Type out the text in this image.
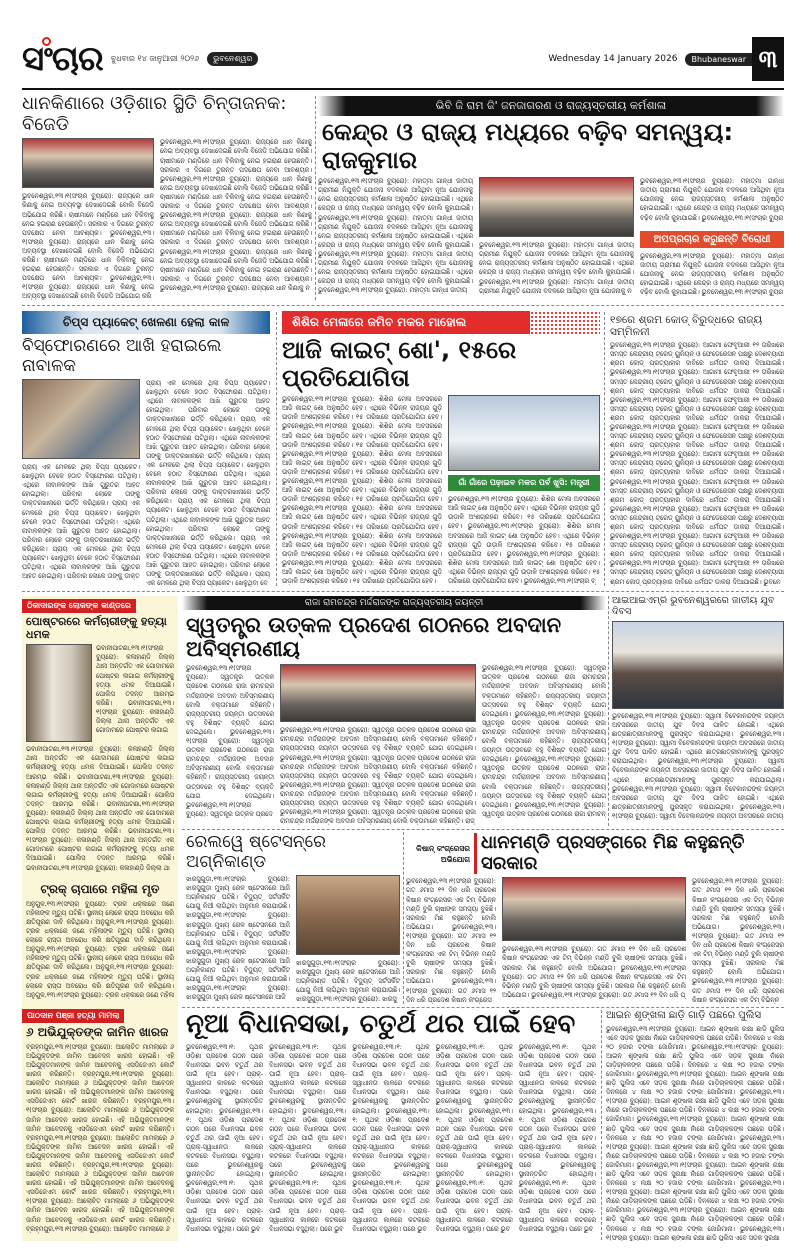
ସଂଚାର ବୁଧବାର ୧୪ ଜାନୁଆରୀ ୨୦୨୬	ଭୁବନେଶ୍ୱର	Wednesday 14 January 2026	Bhubaneswar ୩
ଧାନକିଣାରେ ଓଡ଼ିଶାର ସ୍ଥିତି ଚିନ୍ତାଜନକ: ବିଜେଡି
ଭୁବନେଶ୍ୱର,୧୩।୧(ସଂଚାର ବ୍ୟୁରୋ): ରାଜ୍ୟରେ ଧାନ କିଣାକୁ ନେଇ ଅବ୍ୟବସ୍ଥା ଦେଖାଦେଇଛି ବୋଲି ବିଜେଡି ଅଭିଯୋଗ କରିଛି। ଚାଷୀମାନେ ମଣ୍ଡିରେ ଧାନ ବିକିବାକୁ ନେଇ ହଇରାଣ ହେଉଛନ୍ତି। ସରକାର ଏ ଦିଗରେ ତୁରନ୍ତ ପଦକ୍ଷେପ ନେବା ଆବଶ୍ୟକ। ଭୁବନେଶ୍ୱର,୧୩।୧(ସଂଚାର ବ୍ୟୁରୋ): ରାଜ୍ୟରେ ଧାନ କିଣାକୁ ନେଇ ଅବ୍ୟବସ୍ଥା ଦେଖାଦେଇଛି ବୋଲି ବିଜେଡି ଅଭିଯୋଗ କରିଛି। ଚାଷୀମାନେ ମଣ୍ଡିରେ ଧାନ ବିକିବାକୁ ନେଇ ହଇରାଣ ହେଉଛନ୍ତି। ସରକାର ଏ ଦିଗରେ ତୁରନ୍ତ ପଦକ୍ଷେପ ନେବା ଆବଶ୍ୟକ। ଭୁବନେଶ୍ୱର,୧୩।୧(ସଂଚାର ବ୍ୟୁରୋ): ରାଜ୍ୟରେ ଧାନ କିଣାକୁ ନେଇ ଅବ୍ୟବସ୍ଥା ଦେଖାଦେଇଛି ବୋଲି ବିଜେଡି ଅଭିଯୋଗ କରି
ଭୁବନେଶ୍ୱର,୧୩।୧(ସଂଚାର ବ୍ୟୁରୋ): ରାଜ୍ୟରେ ଧାନ କିଣାକୁ ନେଇ ଅବ୍ୟବସ୍ଥା ଦେଖାଦେଇଛି ବୋଲି ବିଜେଡି ଅଭିଯୋଗ କରିଛି। ଚାଷୀମାନେ ମଣ୍ଡିରେ ଧାନ ବିକିବାକୁ ନେଇ ହଇରାଣ ହେଉଛନ୍ତି। ସରକାର ଏ ଦିଗରେ ତୁରନ୍ତ ପଦକ୍ଷେପ ନେବା ଆବଶ୍ୟକ। ଭୁବନେଶ୍ୱର,୧୩।୧(ସଂଚାର ବ୍ୟୁରୋ): ରାଜ୍ୟରେ ଧାନ କିଣାକୁ ନେଇ ଅବ୍ୟବସ୍ଥା ଦେଖାଦେଇଛି ବୋଲି ବିଜେଡି ଅଭିଯୋଗ କରିଛି। ଚାଷୀମାନେ ମଣ୍ଡିରେ ଧାନ ବିକିବାକୁ ନେଇ ହଇରାଣ ହେଉଛନ୍ତି। ସରକାର ଏ ଦିଗରେ ତୁରନ୍ତ ପଦକ୍ଷେପ ନେବା ଆବଶ୍ୟକ। ଭୁବନେଶ୍ୱର,୧୩।୧(ସଂଚାର ବ୍ୟୁରୋ): ରାଜ୍ୟରେ ଧାନ କିଣାକୁ ନେଇ ଅବ୍ୟବସ୍ଥା ଦେଖାଦେଇଛି ବୋଲି ବିଜେଡି ଅଭିଯୋଗ କରିଛି। ଚାଷୀମାନେ ମଣ୍ଡିରେ ଧାନ ବିକିବାକୁ ନେଇ ହଇରାଣ ହେଉଛନ୍ତି। ସରକାର ଏ ଦିଗରେ ତୁରନ୍ତ ପଦକ୍ଷେପ ନେବା ଆବଶ୍ୟକ। ଭୁବନେଶ୍ୱର,୧୩।୧(ସଂଚାର ବ୍ୟୁରୋ): ରାଜ୍ୟରେ ଧାନ କିଣାକୁ ନେଇ ଅବ୍ୟବସ୍ଥା ଦେଖାଦେଇଛି ବୋଲି ବିଜେଡି ଅଭିଯୋଗ କରିଛି। ଚାଷୀମାନେ ମଣ୍ଡିରେ ଧାନ ବିକିବାକୁ ନେଇ ହଇରାଣ ହେଉଛନ୍ତି। ସରକାର ଏ ଦିଗରେ ତୁରନ୍ତ ପଦକ୍ଷେପ ନେବା ଆବଶ୍ୟକ। ଭୁବନେଶ୍ୱର,୧୩।୧(ସଂଚାର ବ୍ୟୁରୋ): ରାଜ୍ୟରେ ଧାନ କିଣାକୁ ନ
ଭିବି ଜି ରାମ ଜି' ଜନଜାଗରଣ ଓ ରାଜ୍ୟସ୍ତରୀୟ କର୍ମଶାଳା
କେନ୍ଦ୍ର ଓ ରାଜ୍ୟ ମଧ୍ୟରେ ବଢ଼ିବ ସମନ୍ୱୟ: ରାଜକୁମାର
ଭୁବନେଶ୍ୱର,୧୩।୧(ସଂଚାର ବ୍ୟୁରୋ): ମହାତ୍ମା ଗାନ୍ଧୀ ଜାତୀୟ ଗ୍ରାମୀଣ ନିଯୁକ୍ତି ଯୋଜନା ବଦଳରେ ଆସିଥିବା ନୂଆ ଯୋଜନାକୁ ନେଇ ରାଜ୍ୟସ୍ତରୀୟ କର୍ମଶାଳା ଅନୁଷ୍ଠିତ ହୋଇଯାଇଛି। ଏଥିରେ କେନ୍ଦ୍ର ଓ ରାଜ୍ୟ ମଧ୍ୟରେ ସମନ୍ୱୟ ବଢ଼ିବ ବୋଲି କୁହାଯାଇଛି। ଭୁବନେଶ୍ୱର,୧୩।୧(ସଂଚାର ବ୍ୟୁରୋ): ମହାତ୍ମା ଗାନ୍ଧୀ ଜାତୀୟ ଗ୍ରାମୀଣ ନିଯୁକ୍ତି ଯୋଜନା ବଦଳରେ ଆସିଥିବା ନୂଆ ଯୋଜନାକୁ ନେଇ ରାଜ୍ୟସ୍ତରୀୟ କର୍ମଶାଳା ଅନୁଷ୍ଠିତ ହୋଇଯାଇଛି। ଏଥିରେ କେନ୍ଦ୍ର ଓ ରାଜ୍ୟ ମଧ୍ୟରେ ସମନ୍ୱୟ ବଢ଼ିବ ବୋଲି କୁହାଯାଇଛି। ଭୁବନେଶ୍ୱର,୧୩।୧(ସଂଚାର ବ୍ୟୁରୋ): ମହାତ୍ମା ଗାନ୍ଧୀ ଜାତୀୟ ଗ୍ରାମୀଣ ନିଯୁକ୍ତି ଯୋଜନା ବଦଳରେ ଆସିଥିବା ନୂଆ ଯୋଜନାକୁ ନେଇ ରାଜ୍ୟସ୍ତରୀୟ କର୍ମଶାଳା ଅନୁଷ୍ଠିତ ହୋଇଯାଇଛି। ଏଥିରେ କେନ୍ଦ୍ର ଓ ରାଜ୍ୟ ମଧ୍ୟରେ ସମନ୍ୱୟ ବଢ଼ିବ ବୋଲି କୁହାଯାଇଛି। ଭୁବନେଶ୍ୱର,୧୩।୧(ସଂଚାର ବ୍ୟୁରୋ): ମହାତ୍ମା ଗାନ୍ଧୀ ଜାତୀୟ
ଭୁବନେଶ୍ୱର,୧୩।୧(ସଂଚାର ବ୍ୟୁରୋ): ମହାତ୍ମା ଗାନ୍ଧୀ ଜାତୀୟ ଗ୍ରାମୀଣ ନିଯୁକ୍ତି ଯୋଜନା ବଦଳରେ ଆସିଥିବା ନୂଆ ଯୋଜନାକୁ ନେଇ ରାଜ୍ୟସ୍ତରୀୟ କର୍ମଶାଳା ଅନୁଷ୍ଠିତ ହୋଇଯାଇଛି। ଏଥିରେ କେନ୍ଦ୍ର ଓ ରାଜ୍ୟ ମଧ୍ୟରେ ସମନ୍ୱୟ ବଢ଼ିବ ବୋଲି କୁହାଯାଇଛି। ଭୁବନେଶ୍ୱର,୧୩।୧(ସଂଚାର ବ୍ୟୁରୋ): ମହାତ୍ମା ଗାନ୍ଧୀ ଜାତୀୟ ଗ୍ରାମୀଣ ନିଯୁକ୍ତି ଯୋଜନା ବଦଳରେ ଆସିଥିବା ନୂଆ ଯୋଜନାକୁ ନ
ଭୁବନେଶ୍ୱର,୧୩।୧(ସଂଚାର ବ୍ୟୁରୋ): ମହାତ୍ମା ଗାନ୍ଧୀ ଜାତୀୟ ଗ୍ରାମୀଣ ନିଯୁକ୍ତି ଯୋଜନା ବଦଳରେ ଆସିଥିବା ନୂଆ ଯୋଜନାକୁ ନେଇ ରାଜ୍ୟସ୍ତରୀୟ କର୍ମଶାଳା ଅନୁଷ୍ଠିତ ହୋଇଯାଇଛି। ଏଥିରେ କେନ୍ଦ୍ର ଓ ରାଜ୍ୟ ମଧ୍ୟରେ ସମନ୍ୱୟ ବଢ଼ିବ ବୋଲି କୁହାଯାଇଛି। ଭୁବନେଶ୍ୱର,୧୩।୧(ସଂଚାର ବ୍ୟୁର
ଅପପ୍ରଚାର କରୁଛନ୍ତି ବିରୋଧୀ
ଭୁବନେଶ୍ୱର,୧୩।୧(ସଂଚାର ବ୍ୟୁରୋ): ମହାତ୍ମା ଗାନ୍ଧୀ ଜାତୀୟ ଗ୍ରାମୀଣ ନିଯୁକ୍ତି ଯୋଜନା ବଦଳରେ ଆସିଥିବା ନୂଆ ଯୋଜନାକୁ ନେଇ ରାଜ୍ୟସ୍ତରୀୟ କର୍ମଶାଳା ଅନୁଷ୍ଠିତ ହୋଇଯାଇଛି। ଏଥିରେ କେନ୍ଦ୍ର ଓ ରାଜ୍ୟ ମଧ୍ୟରେ ସମନ୍ୱୟ ବଢ଼ିବ ବୋଲି କୁହାଯାଇଛି। ଭୁବନେଶ୍ୱର,୧୩।୧(ସଂଚାର ବ୍ୟୁର
ଚିପ୍ସ ପ୍ୟାକେଟ୍ ଖେଳଣା ହେଲା କାଳ
ବିସ୍ଫୋରଣରେ ଆଖି ହରାଇଲେ ନାବାଳକ
ପ୍ରାୟ ଏକ ମେଳରେ ଥିଲା ଚିପ୍ସ ପ୍ୟାକେଟ। ଖେଳୁଥିବା ବେଳେ ହଠାତ ବିସ୍ଫୋରଣ ଘଟିଥିଲା। ଏଥିରେ ନାବାଳକଙ୍କ ଆଖି ଗୁରୁତର ଆହତ ହୋଇଥିଲା। ପରିବାର ଲୋକେ ତାଙ୍କୁ ଡାକ୍ତରଖାନାରେ ଭର୍ତ୍ତି କରିଥିଲେ। ପ୍ରାୟ ଏକ ମେଳରେ ଥିଲା ଚିପ୍ସ ପ୍ୟାକେଟ। ଖେଳୁଥିବା ବେଳେ ହଠାତ ବିସ୍ଫୋରଣ ଘଟିଥିଲା। ଏଥିରେ ନାବାଳକଙ୍କ ଆଖି ଗୁରୁତର ଆହତ ହୋଇଥିଲା। ପରିବାର ଲୋକେ ତାଙ୍କୁ ଡାକ୍ତରଖାନାରେ ଭର୍ତ୍ତି କରିଥିଲେ। ପ୍ରାୟ ଏକ ମେଳରେ ଥିଲା ଚିପ୍ସ ପ୍ୟାକେଟ। ଖେଳୁଥିବା ବେଳେ ହଠାତ ବିସ୍ଫୋରଣ ଘଟିଥିଲା। ଏଥିରେ ନାବାଳକଙ୍କ ଆଖି ଗୁରୁତର ଆହତ ହୋଇଥିଲା। ପରିବାର ଲୋକେ ତାଙ୍କୁ ଡାକ୍ତ
ପ୍ରାୟ ଏକ ମେଳରେ ଥିଲା ଚିପ୍ସ ପ୍ୟାକେଟ। ଖେଳୁଥିବା ବେଳେ ହଠାତ ବିସ୍ଫୋରଣ ଘଟିଥିଲା। ଏଥିରେ ନାବାଳକଙ୍କ ଆଖି ଗୁରୁତର ଆହତ ହୋଇଥିଲା। ପରିବାର ଲୋକେ ତାଙ୍କୁ ଡାକ୍ତରଖାନାରେ ଭର୍ତ୍ତି କରିଥିଲେ। ପ୍ରାୟ ଏକ ମେଳରେ ଥିଲା ଚିପ୍ସ ପ୍ୟାକେଟ। ଖେଳୁଥିବା ବେଳେ ହଠାତ ବିସ୍ଫୋରଣ ଘଟିଥିଲା। ଏଥିରେ ନାବାଳକଙ୍କ ଆଖି ଗୁରୁତର ଆହତ ହୋଇଥିଲା। ପରିବାର ଲୋକେ ତାଙ୍କୁ ଡାକ୍ତରଖାନାରେ ଭର୍ତ୍ତି କରିଥିଲେ। ପ୍ରାୟ ଏକ ମେଳରେ ଥିଲା ଚିପ୍ସ ପ୍ୟାକେଟ। ଖେଳୁଥିବା ବେଳେ ହଠାତ ବିସ୍ଫୋରଣ ଘଟିଥିଲା। ଏଥିରେ ନାବାଳକଙ୍କ ଆଖି ଗୁରୁତର ଆହତ ହୋଇଥିଲା। ପରିବାର ଲୋକେ ତାଙ୍କୁ ଡାକ୍ତରଖାନାରେ ଭର୍ତ୍ତି କରିଥିଲେ। ପ୍ରାୟ ଏକ ମେଳରେ ଥିଲା ଚିପ୍ସ ପ୍ୟାକେଟ। ଖେଳୁଥିବା ବେଳେ ହଠାତ ବିସ୍ଫୋରଣ ଘଟିଥିଲା। ଏଥିରେ ନାବାଳକଙ୍କ ଆଖି ଗୁରୁତର ଆହତ ହୋଇଥିଲା। ପରିବାର ଲୋକେ ତାଙ୍କୁ ଡାକ୍ତରଖାନାରେ ଭର୍ତ୍ତି କରିଥିଲେ। ପ୍ରାୟ ଏକ ମେଳରେ ଥିଲା ଚିପ୍ସ ପ୍ୟାକେଟ। ଖେଳୁଥିବା ବେଳେ ହଠାତ ବିସ୍ଫୋରଣ ଘଟିଥିଲା। ଏଥିରେ ନାବାଳକଙ୍କ ଆଖି ଗୁରୁତର ଆହତ ହୋଇଥିଲା। ପରିବାର ଲୋକେ ତାଙ୍କୁ ଡାକ୍ତରଖାନାରେ ଭର୍ତ୍ତି କରିଥିଲେ। ପ୍ରାୟ ଏକ ମେଳରେ ଥିଲା ଚିପ୍ସ ପ୍ୟାକେଟ। ଖେଳୁଥିବା ବେ
ଶିଶିର ମେଳାରେ ଜମିବ ମକର ମାହୋଲ
ଆଜି କାଇଟ୍ ଶୋ', ୧୫ରେ ପ୍ରତିଯୋଗିତା
ଭୁବନେଶ୍ୱର,୧୩।୧(ସଂଚାର ବ୍ୟୁରୋ): ଶିଶିର ମେଳା ଅବସରରେ ଆଜି କାଇଟ୍ ଶୋ ଅନୁଷ୍ଠିତ ହେବ। ଏଥିରେ ବିଭିନ୍ନ ରାଜ୍ୟର ଗୁଡ଼ି ଉଡ଼ାଳି ଅଂଶଗ୍ରହଣ କରିବେ। ୧୫ ତାରିଖରେ ପ୍ରତିଯୋଗିତା ହେବ। ଭୁବନେଶ୍ୱର,୧୩।୧(ସଂଚାର ବ୍ୟୁରୋ): ଶିଶିର ମେଳା ଅବସରରେ ଆଜି କାଇଟ୍ ଶୋ ଅନୁଷ୍ଠିତ ହେବ। ଏଥିରେ ବିଭିନ୍ନ ରାଜ୍ୟର ଗୁଡ଼ି ଉଡ଼ାଳି ଅଂଶଗ୍ରହଣ କରିବେ। ୧୫ ତାରିଖରେ ପ୍ରତିଯୋଗିତା ହେବ। ଭୁବନେଶ୍ୱର,୧୩।୧(ସଂଚାର ବ୍ୟୁରୋ): ଶିଶିର ମେଳା ଅବସରରେ ଆଜି କାଇଟ୍ ଶୋ ଅନୁଷ୍ଠିତ ହେବ। ଏଥିରେ ବିଭିନ୍ନ ରାଜ୍ୟର ଗୁଡ଼ି ଉଡ଼ାଳି ଅଂଶଗ୍ରହଣ କରିବେ। ୧୫ ତାରିଖରେ ପ୍ରତିଯୋଗିତା ହେବ। ଭୁବନେଶ୍ୱର,୧୩।୧(ସଂଚାର ବ୍ୟୁରୋ): ଶିଶିର ମେଳା ଅବସରରେ ଆଜି କାଇଟ୍ ଶୋ ଅନୁଷ୍ଠିତ ହେବ। ଏଥିରେ ବିଭିନ୍ନ ରାଜ୍ୟର ଗୁଡ଼ି ଉଡ଼ାଳି ଅଂଶଗ୍ରହଣ କରିବେ। ୧୫ ତାରିଖରେ ପ୍ରତିଯୋଗିତା ହେବ। ଭୁବନେଶ୍ୱର,୧୩।୧(ସଂଚାର ବ୍ୟୁରୋ): ଶିଶିର ମେଳା ଅବସରରେ ଆଜି କାଇଟ୍ ଶୋ ଅନୁଷ୍ଠିତ ହେବ। ଏଥିରେ ବିଭିନ୍ନ ରାଜ୍ୟର ଗୁଡ଼ି ଉଡ଼ାଳି ଅଂଶଗ୍ରହଣ କରିବେ। ୧୫ ତାରିଖରେ ପ୍ରତିଯୋଗିତା ହେବ। ଭୁବନେଶ୍ୱର,୧୩।୧(ସଂଚାର ବ୍ୟୁରୋ): ଶିଶିର ମେଳା ଅବସରରେ ଆଜି କାଇଟ୍ ଶୋ ଅନୁଷ୍ଠିତ ହେବ। ଏଥିରେ ବିଭିନ୍ନ ରାଜ୍ୟର ଗୁଡ଼ି ଉଡ଼ାଳି ଅଂଶଗ୍ରହଣ କରିବେ। ୧୫ ତାରିଖରେ ପ୍ରତିଯୋଗିତା ହେବ। ଭୁବନେଶ୍ୱର,୧୩।୧(ସଂଚାର ବ୍ୟୁରୋ): ଶିଶିର ମେଳା ଅବସରରେ ଆଜି କାଇଟ୍ ଶୋ ଅନୁଷ୍ଠିତ ହେବ। ଏଥିରେ ବିଭିନ୍ନ ରାଜ୍ୟର ଗୁଡ଼ି ଉଡ଼ାଳି ଅଂଶଗ୍ରହଣ କରିବେ। ୧୫ ତାରିଖରେ ପ୍ରତିଯୋଗିତା ହେବ।
ଗାଁ ଗାଁରେ ପଢ଼ାଇବ ମକର ପର୍ବ ଖୁସି: ମନ୍ତ୍ରୀ
ଭୁବନେଶ୍ୱର,୧୩।୧(ସଂଚାର ବ୍ୟୁରୋ): ଶିଶିର ମେଳା ଅବସରରେ ଆଜି କାଇଟ୍ ଶୋ ଅନୁଷ୍ଠିତ ହେବ। ଏଥିରେ ବିଭିନ୍ନ ରାଜ୍ୟର ଗୁଡ଼ି ଉଡ଼ାଳି ଅଂଶଗ୍ରହଣ କରିବେ। ୧୫ ତାରିଖରେ ପ୍ରତିଯୋଗିତା ହେବ। ଭୁବନେଶ୍ୱର,୧୩।୧(ସଂଚାର ବ୍ୟୁରୋ): ଶିଶିର ମେଳା ଅବସରରେ ଆଜି କାଇଟ୍ ଶୋ ଅନୁଷ୍ଠିତ ହେବ। ଏଥିରେ ବିଭିନ୍ନ ରାଜ୍ୟର ଗୁଡ଼ି ଉଡ଼ାଳି ଅଂଶଗ୍ରହଣ କରିବେ। ୧୫ ତାରିଖରେ ପ୍ରତିଯୋଗିତା ହେବ। ଭୁବନେଶ୍ୱର,୧୩।୧(ସଂଚାର ବ୍ୟୁରୋ): ଶିଶିର ମେଳା ଅବସରରେ ଆଜି କାଇଟ୍ ଶୋ ଅନୁଷ୍ଠିତ ହେବ। ଏଥିରେ ବିଭିନ୍ନ ରାଜ୍ୟର ଗୁଡ଼ି ଉଡ଼ାଳି ଅଂଶଗ୍ରହଣ କରିବେ। ୧୫ ତାରିଖରେ ପ୍ରତିଯୋଗିତା ହେବ। ଭୁବନେଶ୍ୱର,୧୩।୧(ସଂଚାର ବ୍
୧୭ରେ ଶ୍ରମ କୋଡ୍ ବିରୁଦ୍ଧରେ ରାଜ୍ୟ ସମ୍ମିଳନୀ
ଭୁବନେଶ୍ୱର,୧୩।୧(ସଂଚାର ବ୍ୟୁରୋ): ଆଗାମୀ ଫେବୃଆରୀ ୧୨ ତାରିଖରେ ସମସ୍ତ କେନ୍ଦ୍ରୀୟ ଟ୍ରେଡ୍ ୟୁନିୟନ ଓ ଫେଡେରେସନ ପକ୍ଷରୁ ଦେଶବ୍ୟାପୀ ଶ୍ରମ କୋଡ୍ ପ୍ରତ୍ୟାହାର ଦାବିରେ ଧର୍ମଘଟ ଡାକରା ଦିଆଯାଇଛି। ଭୁବନେଶ୍ୱର,୧୩।୧(ସଂଚାର ବ୍ୟୁରୋ): ଆଗାମୀ ଫେବୃଆରୀ ୧୨ ତାରିଖରେ ସମସ୍ତ କେନ୍ଦ୍ରୀୟ ଟ୍ରେଡ୍ ୟୁନିୟନ ଓ ଫେଡେରେସନ ପକ୍ଷରୁ ଦେଶବ୍ୟାପୀ ଶ୍ରମ କୋଡ୍ ପ୍ରତ୍ୟାହାର ଦାବିରେ ଧର୍ମଘଟ ଡାକରା ଦିଆଯାଇଛି। ଭୁବନେଶ୍ୱର,୧୩।୧(ସଂଚାର ବ୍ୟୁରୋ): ଆଗାମୀ ଫେବୃଆରୀ ୧୨ ତାରିଖରେ ସମସ୍ତ କେନ୍ଦ୍ରୀୟ ଟ୍ରେଡ୍ ୟୁନିୟନ ଓ ଫେଡେରେସନ ପକ୍ଷରୁ ଦେଶବ୍ୟାପୀ ଶ୍ରମ କୋଡ୍ ପ୍ରତ୍ୟାହାର ଦାବିରେ ଧର୍ମଘଟ ଡାକରା ଦିଆଯାଇଛି। ଭୁବନେଶ୍ୱର,୧୩।୧(ସଂଚାର ବ୍ୟୁରୋ): ଆଗାମୀ ଫେବୃଆରୀ ୧୨ ତାରିଖରେ ସମସ୍ତ କେନ୍ଦ୍ରୀୟ ଟ୍ରେଡ୍ ୟୁନିୟନ ଓ ଫେଡେରେସନ ପକ୍ଷରୁ ଦେଶବ୍ୟାପୀ ଶ୍ରମ କୋଡ୍ ପ୍ରତ୍ୟାହାର ଦାବିରେ ଧର୍ମଘଟ ଡାକରା ଦିଆଯାଇଛି। ଭୁବନେଶ୍ୱର,୧୩।୧(ସଂଚାର ବ୍ୟୁରୋ): ଆଗାମୀ ଫେବୃଆରୀ ୧୨ ତାରିଖରେ ସମସ୍ତ କେନ୍ଦ୍ରୀୟ ଟ୍ରେଡ୍ ୟୁନିୟନ ଓ ଫେଡେରେସନ ପକ୍ଷରୁ ଦେଶବ୍ୟାପୀ ଶ୍ରମ କୋଡ୍ ପ୍ରତ୍ୟାହାର ଦାବିରେ ଧର୍ମଘଟ ଡାକରା ଦିଆଯାଇଛି। ଭୁବନେଶ୍ୱର,୧୩।୧(ସଂଚାର ବ୍ୟୁରୋ): ଆଗାମୀ ଫେବୃଆରୀ ୧୨ ତାରିଖରେ ସମସ୍ତ କେନ୍ଦ୍ରୀୟ ଟ୍ରେଡ୍ ୟୁନିୟନ ଓ ଫେଡେରେସନ ପକ୍ଷରୁ ଦେଶବ୍ୟାପୀ ଶ୍ରମ କୋଡ୍ ପ୍ରତ୍ୟାହାର ଦାବିରେ ଧର୍ମଘଟ ଡାକରା ଦିଆଯାଇଛି। ଭୁବନେଶ୍ୱର,୧୩।୧(ସଂଚାର ବ୍ୟୁରୋ): ଆଗାମୀ ଫେବୃଆରୀ ୧୨ ତାରିଖରେ ସମସ୍ତ କେନ୍ଦ୍ରୀୟ ଟ୍ରେଡ୍ ୟୁନିୟନ ଓ ଫେଡେରେସନ ପକ୍ଷରୁ ଦେଶବ୍ୟାପୀ ଶ୍ରମ କୋଡ୍ ପ୍ରତ୍ୟାହାର ଦାବିରେ ଧର୍ମଘଟ ଡାକରା ଦିଆଯାଇଛି। ଭୁବନେଶ୍ୱର,୧୩।୧(ସଂଚାର ବ୍ୟୁରୋ): ଆଗାମୀ ଫେବୃଆରୀ ୧୨ ତାରିଖରେ ସମସ୍ତ କେନ୍ଦ୍ରୀୟ ଟ୍ରେଡ୍ ୟୁନିୟନ ଓ ଫେଡେରେସନ ପକ୍ଷରୁ ଦେଶବ୍ୟାପୀ ଶ୍ରମ କୋଡ୍ ପ୍ରତ୍ୟାହାର ଦାବିରେ ଧର୍ମଘଟ ଡାକରା ଦିଆଯାଇଛି। ଭୁବନେଶ୍ୱର,୧୩।୧(ସଂଚାର ବ୍ୟୁରୋ): ଆଗାମୀ ଫେବୃଆରୀ ୧୨ ତାରିଖରେ ସମସ୍ତ କେନ୍ଦ୍ରୀୟ ଟ୍ରେଡ୍ ୟୁନିୟନ ଓ ଫେଡେରେସନ ପକ୍ଷରୁ ଦେଶବ୍ୟାପୀ ଶ୍ରମ କୋଡ୍ ପ୍ରତ୍ୟାହାର ଦାବିରେ ଧର୍ମଘଟ ଡାକରା ଦିଆଯାଇଛି। ଭୁବନେ
ଠିକାଦାରଙ୍କ ଲୋକଙ୍କ କାଣ୍ଡରେ
ପୋଷ୍ଟରରେ କର୍ମଚାରୀଙ୍କୁ ହତ୍ୟା ଧମକ
ଭବାନୀପାଟଣା,୧୩।୧(ସଂଚାର ବ୍ୟୁରୋ): କଳାହାଣ୍ଡି ଜିଲ୍ଲା ଥାନା ଅନ୍ତର୍ଗତ ଏକ ଗୋଦାମରେ ପୋଷ୍ଟର ଲଗାଇ କର୍ମଚାରୀଙ୍କୁ ହତ୍ୟା ଧମକ ଦିଆଯାଇଛି। ପୋଲିସ ତଦନ୍ତ ଆରମ୍ଭ କରିଛି। ଭବାନୀପାଟଣା,୧୩।୧(ସଂଚାର ବ୍ୟୁରୋ): କଳାହାଣ୍ଡି ଜିଲ୍ଲା ଥାନା ଅନ୍ତର୍ଗତ ଏକ ଗୋଦାମରେ ପୋଷ୍ଟର ଲଗାଇ
ଭବାନୀପାଟଣା,୧୩।୧(ସଂଚାର ବ୍ୟୁରୋ): କଳାହାଣ୍ଡି ଜିଲ୍ଲା ଥାନା ଅନ୍ତର୍ଗତ ଏକ ଗୋଦାମରେ ପୋଷ୍ଟର ଲଗାଇ କର୍ମଚାରୀଙ୍କୁ ହତ୍ୟା ଧମକ ଦିଆଯାଇଛି। ପୋଲିସ ତଦନ୍ତ ଆରମ୍ଭ କରିଛି। ଭବାନୀପାଟଣା,୧୩।୧(ସଂଚାର ବ୍ୟୁରୋ): କଳାହାଣ୍ଡି ଜିଲ୍ଲା ଥାନା ଅନ୍ତର୍ଗତ ଏକ ଗୋଦାମରେ ପୋଷ୍ଟର ଲଗାଇ କର୍ମଚାରୀଙ୍କୁ ହତ୍ୟା ଧମକ ଦିଆଯାଇଛି। ପୋଲିସ ତଦନ୍ତ ଆରମ୍ଭ କରିଛି। ଭବାନୀପାଟଣା,୧୩।୧(ସଂଚାର ବ୍ୟୁରୋ): କଳାହାଣ୍ଡି ଜିଲ୍ଲା ଥାନା ଅନ୍ତର୍ଗତ ଏକ ଗୋଦାମରେ ପୋଷ୍ଟର ଲଗାଇ କର୍ମଚାରୀଙ୍କୁ ହତ୍ୟା ଧମକ ଦିଆଯାଇଛି। ପୋଲିସ ତଦନ୍ତ ଆରମ୍ଭ କରିଛି। ଭବାନୀପାଟଣା,୧୩।୧(ସଂଚାର ବ୍ୟୁରୋ): କଳାହାଣ୍ଡି ଜିଲ୍ଲା ଥାନା ଅନ୍ତର୍ଗତ ଏକ ଗୋଦାମରେ ପୋଷ୍ଟର ଲଗାଇ କର୍ମଚାରୀଙ୍କୁ ହତ୍ୟା ଧମକ ଦିଆଯାଇଛି। ପୋଲିସ ତଦନ୍ତ ଆରମ୍ଭ କରିଛି। ଭବାନୀପାଟଣା,୧୩।୧(ସଂଚାର ବ୍ୟୁରୋ): କଳାହାଣ୍ଡି ଜିଲ୍ଲା ଥା
ଟ୍ରକ୍ ଚାପାରେ ମହିଳା ମୃତ
ଅନୁଗୁଳ,୧୩।୧(ସଂଚାର ବ୍ୟୁରୋ): ଟ୍ରକ ଧକ୍କାରେ ଜଣେ ମହିଳାଙ୍କ ମୃତ୍ୟୁ ଘଟିଛି। ସ୍ଥାନୀୟ ଲୋକେ ରାସ୍ତା ଅବରୋଧ କରି କ୍ଷତିପୂରଣ ଦାବି କରିଥିଲେ। ଅନୁଗୁଳ,୧୩।୧(ସଂଚାର ବ୍ୟୁରୋ): ଟ୍ରକ ଧକ୍କାରେ ଜଣେ ମହିଳାଙ୍କ ମୃତ୍ୟୁ ଘଟିଛି। ସ୍ଥାନୀୟ ଲୋକେ ରାସ୍ତା ଅବରୋଧ କରି କ୍ଷତିପୂରଣ ଦାବି କରିଥିଲେ। ଅନୁଗୁଳ,୧୩।୧(ସଂଚାର ବ୍ୟୁରୋ): ଟ୍ରକ ଧକ୍କାରେ ଜଣେ ମହିଳାଙ୍କ ମୃତ୍ୟୁ ଘଟିଛି। ସ୍ଥାନୀୟ ଲୋକେ ରାସ୍ତା ଅବରୋଧ କରି କ୍ଷତିପୂରଣ ଦାବି କରିଥିଲେ। ଅନୁଗୁଳ,୧୩।୧(ସଂଚାର ବ୍ୟୁରୋ): ଟ୍ରକ ଧକ୍କାରେ ଜଣେ ମହିଳାଙ୍କ ମୃତ୍ୟୁ ଘଟିଛି। ସ୍ଥାନୀୟ ଲୋକେ ରାସ୍ତା ଅବରୋଧ କରି କ୍ଷତିପୂରଣ ଦାବି କରିଥିଲେ। ଅନୁଗୁଳ,୧୩।୧(ସଂଚାର ବ୍ୟୁରୋ): ଟ୍ରକ ଧକ୍କାରେ ଜଣେ ମହିଳା
ପାଠଦାନ ପଞ୍ଜା ହତ୍ୟା ମାମଲା
୬ ଅଭିଯୁକ୍ତଙ୍କ ଜାମିନ ଖାରଜ
ବ୍ରହ୍ମପୁର,୧୩।୧(ସଂଚାର ବ୍ୟୁରୋ): ଆଲୋଚିତ ମାମଲାରେ ୬ ଅଭିଯୁକ୍ତଙ୍କ ଜାମିନ ଆବେଦନ ଖାରଜ ହୋଇଛି। ଏହି ଅଭିଯୁକ୍ତମାନଙ୍କ ଜାମିନ ଆବେଦନକୁ ଏସଡିଜେଏମ କୋର୍ଟ ଖାରଜ କରିଛନ୍ତି। ବ୍ରହ୍ମପୁର,୧୩।୧(ସଂଚାର ବ୍ୟୁରୋ): ଆଲୋଚିତ ମାମଲାରେ ୬ ଅଭିଯୁକ୍ତଙ୍କ ଜାମିନ ଆବେଦନ ଖାରଜ ହୋଇଛି। ଏହି ଅଭିଯୁକ୍ତମାନଙ୍କ ଜାମିନ ଆବେଦନକୁ ଏସଡିଜେଏମ କୋର୍ଟ ଖାରଜ କରିଛନ୍ତି। ବ୍ରହ୍ମପୁର,୧୩।୧(ସଂଚାର ବ୍ୟୁରୋ): ଆଲୋଚିତ ମାମଲାରେ ୬ ଅଭିଯୁକ୍ତଙ୍କ ଜାମିନ ଆବେଦନ ଖାରଜ ହୋଇଛି। ଏହି ଅଭିଯୁକ୍ତମାନଙ୍କ ଜାମିନ ଆବେଦନକୁ ଏସଡିଜେଏମ କୋର୍ଟ ଖାରଜ କରିଛନ୍ତି। ବ୍ରହ୍ମପୁର,୧୩।୧(ସଂଚାର ବ୍ୟୁରୋ): ଆଲୋଚିତ ମାମଲାରେ ୬ ଅଭିଯୁକ୍ତଙ୍କ ଜାମିନ ଆବେଦନ ଖାରଜ ହୋଇଛି। ଏହି ଅଭିଯୁକ୍ତମାନଙ୍କ ଜାମିନ ଆବେଦନକୁ ଏସଡିଜେଏମ କୋର୍ଟ ଖାରଜ କରିଛନ୍ତି। ବ୍ରହ୍ମପୁର,୧୩।୧(ସଂଚାର ବ୍ୟୁରୋ): ଆଲୋଚିତ ମାମଲାରେ ୬ ଅଭିଯୁକ୍ତଙ୍କ ଜାମିନ ଆବେଦନ ଖାରଜ ହୋଇଛି। ଏହି ଅଭିଯୁକ୍ତମାନଙ୍କ ଜାମିନ ଆବେଦନକୁ ଏସଡିଜେଏମ କୋର୍ଟ ଖାରଜ କରିଛନ୍ତି। ବ୍ରହ୍ମପୁର,୧୩।୧(ସଂଚାର ବ୍ୟୁରୋ): ଆଲୋଚିତ ମାମଲାରେ ୬ ଅଭିଯୁକ୍ତଙ୍କ ଜାମିନ ଆବେଦନ ଖାରଜ ହୋଇଛି। ଏହି ଅଭିଯୁକ୍ତମାନଙ୍କ ଜାମିନ ଆବେଦନକୁ ଏସଡିଜେଏମ କୋର୍ଟ ଖାରଜ କରିଛନ୍ତି। ବ୍ରହ୍ମପୁର,୧୩।୧(ସଂଚାର ବ୍ୟୁରୋ): ଆଲୋଚିତ ମାମଲାରେ ୬
ରାଜା ରାମଚନ୍ଦ୍ର ମର୍ଦ୍ଦରାଜଙ୍କ ରାଜ୍ୟସ୍ତରୀୟ ଜୟନ୍ତୀ
ସ୍ୱତନ୍ତ୍ର ଉତ୍କଳ ପ୍ରଦେଶ ଗଠନରେ ଅବଦାନ ଅବିସ୍ମରଣୀୟ
ଭୁବନେଶ୍ୱର,୧୩।୧(ସଂଚାର ବ୍ୟୁରୋ): ସ୍ୱତନ୍ତ୍ର ଉତ୍କଳ ପ୍ରଦେଶ ଗଠନରେ ରାଜା ରାମଚନ୍ଦ୍ର ମର୍ଦ୍ଦରାଜଙ୍କ ଅବଦାନ ଅବିସ୍ମରଣୀୟ ବୋଲି ବକ୍ତାମାନେ କହିଛନ୍ତି। ରାଜ୍ୟସ୍ତରୀୟ ଜୟନ୍ତୀ ଉତ୍ସବରେ ବହୁ ବିଶିଷ୍ଟ ବ୍ୟକ୍ତି ଯୋଗ ଦେଇଥିଲେ। ଭୁବନେଶ୍ୱର,୧୩।୧(ସଂଚାର ବ୍ୟୁରୋ): ସ୍ୱତନ୍ତ୍ର ଉତ୍କଳ ପ୍ରଦେଶ ଗଠନରେ ରାଜା ରାମଚନ୍ଦ୍ର ମର୍ଦ୍ଦରାଜଙ୍କ ଅବଦାନ ଅବିସ୍ମରଣୀୟ ବୋଲି ବକ୍ତାମାନେ କହିଛନ୍ତି। ରାଜ୍ୟସ୍ତରୀୟ ଜୟନ୍ତୀ ଉତ୍ସବରେ ବହୁ ବିଶିଷ୍ଟ ବ୍ୟକ୍ତି ଯୋଗ ଦେଇଥିଲେ। ଭୁବନେଶ୍ୱର,୧୩।୧(ସଂଚାର ବ୍ୟୁରୋ): ସ୍ୱତନ୍ତ୍ର ଉତ୍କଳ ପ୍ରଦେ
ଭୁବନେଶ୍ୱର,୧୩।୧(ସଂଚାର ବ୍ୟୁରୋ): ସ୍ୱତନ୍ତ୍ର ଉତ୍କଳ ପ୍ରଦେଶ ଗଠନରେ ରାଜା ରାମଚନ୍ଦ୍ର ମର୍ଦ୍ଦରାଜଙ୍କ ଅବଦାନ ଅବିସ୍ମରଣୀୟ ବୋଲି ବକ୍ତାମାନେ କହିଛନ୍ତି। ରାଜ୍ୟସ୍ତରୀୟ ଜୟନ୍ତୀ ଉତ୍ସବରେ ବହୁ ବିଶିଷ୍ଟ ବ୍ୟକ୍ତି ଯୋଗ ଦେଇଥିଲେ। ଭୁବନେଶ୍ୱର,୧୩।୧(ସଂଚାର ବ୍ୟୁରୋ): ସ୍ୱତନ୍ତ୍ର ଉତ୍କଳ ପ୍ରଦେଶ ଗଠନରେ ରାଜା ରାମଚନ୍ଦ୍ର ମର୍ଦ୍ଦରାଜଙ୍କ ଅବଦାନ ଅବିସ୍ମରଣୀୟ ବୋଲି ବକ୍ତାମାନେ କହିଛନ୍ତି। ରାଜ୍ୟସ୍ତରୀୟ ଜୟନ୍ତୀ ଉତ୍ସବରେ ବହୁ ବିଶିଷ୍ଟ ବ୍ୟକ୍ତି ଯୋଗ ଦେଇଥିଲେ। ଭୁବନେଶ୍ୱର,୧୩।୧(ସଂଚାର ବ୍ୟୁରୋ): ସ୍ୱତନ୍ତ୍ର ଉତ୍କଳ ପ୍ରଦେଶ ଗଠନରେ ରାଜା ରାମଚନ୍ଦ୍ର ମର୍ଦ୍ଦରାଜଙ୍କ ଅବଦାନ ଅବିସ୍ମରଣୀୟ ବୋଲି ବକ୍ତାମାନେ କହିଛନ୍ତି। ରାଜ୍ୟସ୍ତରୀୟ ଜୟନ୍ତୀ ଉତ୍ସବରେ ବହୁ ବିଶିଷ୍ଟ ବ୍ୟକ୍ତି ଯୋଗ ଦେଇଥିଲେ। ଭୁବନେଶ୍ୱର,୧୩।୧(ସଂଚାର ବ୍ୟୁରୋ): ସ୍ୱତନ୍ତ୍ର ଉତ୍କଳ ପ୍ରଦେଶ ଗଠନରେ ରାଜା ରାମଚନ୍ଦ୍ର ମର୍ଦ୍ଦରାଜଙ୍କ ଅବଦାନ ଅବିସ୍ମରଣୀୟ ବୋଲି ବକ୍ତାମାନେ କହିଛନ୍ତି। ରାଜ୍
ଭୁବନେଶ୍ୱର,୧୩।୧(ସଂଚାର ବ୍ୟୁରୋ): ସ୍ୱତନ୍ତ୍ର ଉତ୍କଳ ପ୍ରଦେଶ ଗଠନରେ ରାଜା ରାମଚନ୍ଦ୍ର ମର୍ଦ୍ଦରାଜଙ୍କ ଅବଦାନ ଅବିସ୍ମରଣୀୟ ବୋଲି ବକ୍ତାମାନେ କହିଛନ୍ତି। ରାଜ୍ୟସ୍ତରୀୟ ଜୟନ୍ତୀ ଉତ୍ସବରେ ବହୁ ବିଶିଷ୍ଟ ବ୍ୟକ୍ତି ଯୋଗ ଦେଇଥିଲେ। ଭୁବନେଶ୍ୱର,୧୩।୧(ସଂଚାର ବ୍ୟୁରୋ): ସ୍ୱତନ୍ତ୍ର ଉତ୍କଳ ପ୍ରଦେଶ ଗଠନରେ ରାଜା ରାମଚନ୍ଦ୍ର ମର୍ଦ୍ଦରାଜଙ୍କ ଅବଦାନ ଅବିସ୍ମରଣୀୟ ବୋଲି ବକ୍ତାମାନେ କହିଛନ୍ତି। ରାଜ୍ୟସ୍ତରୀୟ ଜୟନ୍ତୀ ଉତ୍ସବରେ ବହୁ ବିଶିଷ୍ଟ ବ୍ୟକ୍ତି ଯୋଗ ଦେଇଥିଲେ। ଭୁବନେଶ୍ୱର,୧୩।୧(ସଂଚାର ବ୍ୟୁରୋ): ସ୍ୱତନ୍ତ୍ର ଉତ୍କଳ ପ୍ରଦେଶ ଗଠନରେ ରାଜା ରାମଚନ୍ଦ୍ର ମର୍ଦ୍ଦରାଜଙ୍କ ଅବଦାନ ଅବିସ୍ମରଣୀୟ ବୋଲି ବକ୍ତାମାନେ କହିଛନ୍ତି। ରାଜ୍ୟସ୍ତରୀୟ ଜୟନ୍ତୀ ଉତ୍ସବରେ ବହୁ ବିଶିଷ୍ଟ ବ୍ୟକ୍ତି ଯୋଗ ଦେଇଥିଲେ। ଭୁବନେଶ୍ୱର,୧୩।୧(ସଂଚାର ବ୍ୟୁରୋ): ସ୍ୱତନ୍ତ୍ର ଉତ୍କଳ ପ୍ରଦେଶ ଗଠନରେ ରାଜା ରାମଚନ୍
ଆଇଆଇଏମ୍‌ରି ଭୁବନେଶ୍ୱରରେ ଜାତୀୟ ଯୁବ ଦିବସ
ଭୁବନେଶ୍ୱର,୧୩।୧(ସଂଚାର ବ୍ୟୁରୋ): ସ୍ୱାମୀ ବିବେକାନନ୍ଦଙ୍କ ଜୟନ୍ତୀ ଅବସରରେ ଜାତୀୟ ଯୁବ ଦିବସ ପାଳିତ ହୋଇଛି। ଏଥିରେ ଛାତ୍ରଛାତ୍ରୀମାନଙ୍କୁ ପୁରସ୍କୃତ କରାଯାଇଥିଲା। ଭୁବନେଶ୍ୱର,୧୩।୧(ସଂଚାର ବ୍ୟୁରୋ): ସ୍ୱାମୀ ବିବେକାନନ୍ଦଙ୍କ ଜୟନ୍ତୀ ଅବସରରେ ଜାତୀୟ ଯୁବ ଦିବସ ପାଳିତ ହୋଇଛି। ଏଥିରେ ଛାତ୍ରଛାତ୍ରୀମାନଙ୍କୁ ପୁରସ୍କୃତ କରାଯାଇଥିଲା। ଭୁବନେଶ୍ୱର,୧୩।୧(ସଂଚାର ବ୍ୟୁରୋ): ସ୍ୱାମୀ ବିବେକାନନ୍ଦଙ୍କ ଜୟନ୍ତୀ ଅବସରରେ ଜାତୀୟ ଯୁବ ଦିବସ ପାଳିତ ହୋଇଛି। ଏଥିରେ ଛାତ୍ରଛାତ୍ରୀମାନଙ୍କୁ ପୁରସ୍କୃତ କରାଯାଇଥିଲା। ଭୁବନେଶ୍ୱର,୧୩।୧(ସଂଚାର ବ୍ୟୁରୋ): ସ୍ୱାମୀ ବିବେକାନନ୍ଦଙ୍କ ଜୟନ୍ତୀ ଅବସରରେ ଜାତୀୟ ଯୁବ ଦିବସ ପାଳିତ ହୋଇଛି। ଏଥିରେ ଛାତ୍ରଛାତ୍ରୀମାନଙ୍କୁ ପୁରସ୍କୃତ କରାଯାଇଥିଲା। ଭୁବନେଶ୍ୱର,୧୩।୧(ସଂଚାର ବ୍ୟୁରୋ): ସ୍ୱାମୀ ବିବେକାନନ୍ଦଙ୍କ ଜୟନ୍ତୀ ଅବସରରେ ଜାତୀୟ
ରେଲୱେ ଷ୍ଟେସନ୍‌ରେ ଅଗ୍ନିକାଣ୍ଡ
ଝାରସୁଗୁଡ଼ା,୧୩।୧(ସଂଚାର ବ୍ୟୁରୋ): ଝାରସୁଗୁଡ଼ା ମୁଖ୍ୟ ରେଳ ଷ୍ଟେସନରେ ଆଜି ଅଗ୍ନିକାଣ୍ଡ ଘଟିଛି। ବିଦ୍ୟୁତ୍ ସର୍ଟସର୍କିଟ ଯୋଗୁ ନିଆଁ ଲାଗିଥିବା ଅନୁମାନ କରାଯାଉଛି। ଝାରସୁଗୁଡ଼ା,୧୩।୧(ସଂଚାର ବ୍ୟୁରୋ): ଝାରସୁଗୁଡ଼ା ମୁଖ୍ୟ ରେଳ ଷ୍ଟେସନରେ ଆଜି ଅଗ୍ନିକାଣ୍ଡ ଘଟିଛି। ବିଦ୍ୟୁତ୍ ସର୍ଟସର୍କିଟ ଯୋଗୁ ନିଆଁ ଲାଗିଥିବା ଅନୁମାନ କରାଯାଉଛି। ଝାରସୁଗୁଡ଼ା,୧୩।୧(ସଂଚାର ବ୍ୟୁରୋ): ଝାରସୁଗୁଡ଼ା ମୁଖ୍ୟ ରେଳ ଷ୍ଟେସନରେ ଆଜି ଅଗ୍ନିକାଣ୍ଡ ଘଟିଛି। ବିଦ୍ୟୁତ୍ ସର୍ଟସର୍କିଟ ଯୋଗୁ ନିଆଁ ଲାଗିଥିବା ଅନୁମାନ କରାଯାଉଛି। ଝାରସୁଗୁଡ଼ା,୧୩।୧(ସଂଚାର ବ୍ୟୁରୋ): ଝାରସୁଗୁଡ଼ା ମୁଖ୍ୟ ରେଳ ଷ୍ଟେସନରେ ଆଜି
ଝାରସୁଗୁଡ଼ା,୧୩।୧(ସଂଚାର ବ୍ୟୁରୋ): ଝାରସୁଗୁଡ଼ା ମୁଖ୍ୟ ରେଳ ଷ୍ଟେସନରେ ଆଜି ଅଗ୍ନିକାଣ୍ଡ ଘଟିଛି। ବିଦ୍ୟୁତ୍ ସର୍ଟସର୍କିଟ ଯୋଗୁ ନିଆଁ ଲାଗିଥିବା ଅନୁମାନ କରାଯାଉଛି। ଝାରସୁଗୁଡ଼ା,୧୩।୧(ସଂଚାର ବ୍ୟୁରୋ): ଝାରସୁ
କିଷାନ୍ କଂଗ୍ରେସର ଅଭିଯୋଗ
ଧାନମଣ୍ଡି ପ୍ରସଙ୍ଗରେ ମିଛ କହୁଛନ୍ତି ସରକାର
ଭୁବନେଶ୍ୱର,୧୩।୧(ସଂଚାର ବ୍ୟୁରୋ): ଗତ ୬ମାସ ୧୨ ଦିନ ଧରି ପ୍ରଦେଶ କିଷାନ କଂଗ୍ରେସର ଏକ ଟିମ୍ ବିଭିନ୍ନ ମଣ୍ଡି ବୁଲି ଚାଷୀଙ୍କ ସମସ୍ୟା ବୁଝିଛି। ସରକାର ମିଛ କହୁଛନ୍ତି ବୋଲି ଅଭିଯୋଗ। ଭୁବନେଶ୍ୱର,୧୩।୧(ସଂଚାର ବ୍ୟୁରୋ): ଗତ ୬ମାସ ୧୨ ଦିନ ଧରି ପ୍ରଦେଶ କିଷାନ କଂଗ୍ରେସର ଏକ ଟିମ୍ ବିଭିନ୍ନ ମଣ୍ଡି ବୁଲି ଚାଷୀଙ୍କ ସମସ୍ୟା ବୁଝିଛି। ସରକାର ମିଛ କହୁଛନ୍ତି ବୋଲି ଅଭିଯୋଗ। ଭୁବନେଶ୍ୱର,୧୩।୧(ସଂଚାର ବ୍ୟୁରୋ): ଗତ ୬ମାସ ୧୨ ଦିନ ଧରି ପ୍ରଦେଶ କିଷାନ କଂଗ୍ରେସ
ଭୁବନେଶ୍ୱର,୧୩।୧(ସଂଚାର ବ୍ୟୁରୋ): ଗତ ୬ମାସ ୧୨ ଦିନ ଧରି ପ୍ରଦେଶ କିଷାନ କଂଗ୍ରେସର ଏକ ଟିମ୍ ବିଭିନ୍ନ ମଣ୍ଡି ବୁଲି ଚାଷୀଙ୍କ ସମସ୍ୟା ବୁଝିଛି। ସରକାର ମିଛ କହୁଛନ୍ତି ବୋଲି ଅଭିଯୋଗ। ଭୁବନେଶ୍ୱର,୧୩।୧(ସଂଚାର ବ୍ୟୁରୋ): ଗତ ୬ମାସ ୧୨ ଦିନ ଧରି ପ୍ରଦେଶ କିଷାନ କଂଗ୍ରେସର ଏକ ଟିମ୍ ବିଭିନ୍ନ ମଣ୍ଡି ବୁଲି ଚାଷୀଙ୍କ ସମସ୍ୟା ବୁଝିଛି। ସରକାର ମିଛ କହୁଛନ୍ତି ବୋଲି ଅଭିଯୋଗ। ଭୁବନେଶ୍ୱର,୧୩।୧(ସଂଚାର ବ୍ୟୁରୋ): ଗତ ୬ମାସ ୧୨ ଦିନ ଧରି ପ୍
ଭୁବନେଶ୍ୱର,୧୩।୧(ସଂଚାର ବ୍ୟୁରୋ): ଗତ ୬ମାସ ୧୨ ଦିନ ଧରି ପ୍ରଦେଶ କିଷାନ କଂଗ୍ରେସର ଏକ ଟିମ୍ ବିଭିନ୍ନ ମଣ୍ଡି ବୁଲି ଚାଷୀଙ୍କ ସମସ୍ୟା ବୁଝିଛି। ସରକାର ମିଛ କହୁଛନ୍ତି ବୋଲି ଅଭିଯୋଗ। ଭୁବନେଶ୍ୱର,୧୩।୧(ସଂଚାର ବ୍ୟୁରୋ): ଗତ ୬ମାସ ୧୨ ଦିନ ଧରି ପ୍ରଦେଶ କିଷାନ କଂଗ୍ରେସର ଏକ ଟିମ୍ ବିଭିନ୍ନ ମଣ୍ଡି ବୁଲି ଚାଷୀଙ୍କ ସମସ୍ୟା ବୁଝିଛି। ସରକାର ମିଛ କହୁଛନ୍ତି ବୋଲି ଅଭିଯୋଗ। ଭୁବନେଶ୍ୱର,୧୩।୧(ସଂଚାର ବ୍ୟୁରୋ): ଗତ ୬ମାସ ୧୨ ଦିନ ଧରି ପ୍ରଦେଶ କିଷାନ କଂଗ୍ରେସର ଏକ ଟିମ୍ ବିଭିନ୍ନ
ନୂଆ ବିଧାନସଭା, ଚତୁର୍ଥ ଥର ପାଇଁ ହେବ
ଭୁବନେଶ୍ୱର,୧୩।୧: ପୃଥକ ଓଡ଼ିଶା ପ୍ରଦେଶ ଗଠନ ପରେ ବିଧାନସଭା ଭବନ ଚତୁର୍ଥ ଥର ପାଇଁ ନୂଆ ହେବ। ପ୍ରାକ୍‌-ସ୍ୱାଧୀନତା କାଳରେ କଟକରେ ବିଧାନସଭା ବସୁଥିଲା। ପରେ ଭୁବନେଶ୍ୱରକୁ ସ୍ଥାନାନ୍ତରିତ ହୋଇଥିଲା। ଭୁବନେଶ୍ୱର,୧୩।୧: ପୃଥକ ଓଡ଼ିଶା ପ୍ରଦେଶ ଗଠନ ପରେ ବିଧାନସଭା ଭବନ ଚତୁର୍ଥ ଥର ପାଇଁ ନୂଆ ହେବ। ପ୍ରାକ୍‌-ସ୍ୱାଧୀନତା କାଳରେ କଟକରେ ବିଧାନସଭା ବସୁଥିଲା। ପରେ ଭୁବନେଶ୍ୱରକୁ ସ୍ଥାନାନ୍ତରିତ ହୋଇଥିଲା। ଭୁବନେଶ୍ୱର,୧୩।୧: ପୃଥକ ଓଡ଼ିଶା ପ୍ରଦେଶ ଗଠନ ପରେ ବିଧାନସଭା ଭବନ ଚତୁର୍ଥ ଥର ପାଇଁ ନୂଆ ହେବ। ପ୍ରାକ୍‌-ସ୍ୱାଧୀନତା କାଳରେ କଟକରେ ବିଧାନସଭା ବସୁଥିଲା। ପରେ ଭୁବ
ଭୁବନେଶ୍ୱର,୧୩।୧: ପୃଥକ ଓଡ଼ିଶା ପ୍ରଦେଶ ଗଠନ ପରେ ବିଧାନସଭା ଭବନ ଚତୁର୍ଥ ଥର ପାଇଁ ନୂଆ ହେବ। ପ୍ରାକ୍‌-ସ୍ୱାଧୀନତା କାଳରେ କଟକରେ ବିଧାନସଭା ବସୁଥିଲା। ପରେ ଭୁବନେଶ୍ୱରକୁ ସ୍ଥାନାନ୍ତରିତ ହୋଇଥିଲା। ଭୁବନେଶ୍ୱର,୧୩।୧: ପୃଥକ ଓଡ଼ିଶା ପ୍ରଦେଶ ଗଠନ ପରେ ବିଧାନସଭା ଭବନ ଚତୁର୍ଥ ଥର ପାଇଁ ନୂଆ ହେବ। ପ୍ରାକ୍‌-ସ୍ୱାଧୀନତା କାଳରେ କଟକରେ ବିଧାନସଭା ବସୁଥିଲା। ପରେ ଭୁବନେଶ୍ୱରକୁ ସ୍ଥାନାନ୍ତରିତ ହୋଇଥିଲା। ଭୁବନେଶ୍ୱର,୧୩।୧: ପୃଥକ ଓଡ଼ିଶା ପ୍ରଦେଶ ଗଠନ ପରେ ବିଧାନସଭା ଭବନ ଚତୁର୍ଥ ଥର ପାଇଁ ନୂଆ ହେବ। ପ୍ରାକ୍‌-ସ୍ୱାଧୀନତା କାଳରେ କଟକରେ ବିଧାନସଭା ବସୁଥିଲା। ପରେ ଭୁବ
ଭୁବନେଶ୍ୱର,୧୩।୧: ପୃଥକ ଓଡ଼ିଶା ପ୍ରଦେଶ ଗଠନ ପରେ ବିଧାନସଭା ଭବନ ଚତୁର୍ଥ ଥର ପାଇଁ ନୂଆ ହେବ। ପ୍ରାକ୍‌-ସ୍ୱାଧୀନତା କାଳରେ କଟକରେ ବିଧାନସଭା ବସୁଥିଲା। ପରେ ଭୁବନେଶ୍ୱରକୁ ସ୍ଥାନାନ୍ତରିତ ହୋଇଥିଲା। ଭୁବନେଶ୍ୱର,୧୩।୧: ପୃଥକ ଓଡ଼ିଶା ପ୍ରଦେଶ ଗଠନ ପରେ ବିଧାନସଭା ଭବନ ଚତୁର୍ଥ ଥର ପାଇଁ ନୂଆ ହେବ। ପ୍ରାକ୍‌-ସ୍ୱାଧୀନତା କାଳରେ କଟକରେ ବିଧାନସଭା ବସୁଥିଲା। ପରେ ଭୁବନେଶ୍ୱରକୁ ସ୍ଥାନାନ୍ତରିତ ହୋଇଥିଲା। ଭୁବନେଶ୍ୱର,୧୩।୧: ପୃଥକ ଓଡ଼ିଶା ପ୍ରଦେଶ ଗଠନ ପରେ ବିଧାନସଭା ଭବନ ଚତୁର୍ଥ ଥର ପାଇଁ ନୂଆ ହେବ। ପ୍ରାକ୍‌-ସ୍ୱାଧୀନତା କାଳରେ କଟକରେ ବିଧାନସଭା ବସୁଥିଲା। ପରେ ଭୁବ
ଭୁବନେଶ୍ୱର,୧୩।୧: ପୃଥକ ଓଡ଼ିଶା ପ୍ରଦେଶ ଗଠନ ପରେ ବିଧାନସଭା ଭବନ ଚତୁର୍ଥ ଥର ପାଇଁ ନୂଆ ହେବ। ପ୍ରାକ୍‌-ସ୍ୱାଧୀନତା କାଳରେ କଟକରେ ବିଧାନସଭା ବସୁଥିଲା। ପରେ ଭୁବନେଶ୍ୱରକୁ ସ୍ଥାନାନ୍ତରିତ ହୋଇଥିଲା। ଭୁବନେଶ୍ୱର,୧୩।୧: ପୃଥକ ଓଡ଼ିଶା ପ୍ରଦେଶ ଗଠନ ପରେ ବିଧାନସଭା ଭବନ ଚତୁର୍ଥ ଥର ପାଇଁ ନୂଆ ହେବ। ପ୍ରାକ୍‌-ସ୍ୱାଧୀନତା କାଳରେ କଟକରେ ବିଧାନସଭା ବସୁଥିଲା। ପରେ ଭୁବନେଶ୍ୱରକୁ ସ୍ଥାନାନ୍ତରିତ ହୋଇଥିଲା। ଭୁବନେଶ୍ୱର,୧୩।୧: ପୃଥକ ଓଡ଼ିଶା ପ୍ରଦେଶ ଗଠନ ପରେ ବିଧାନସଭା ଭବନ ଚତୁର୍ଥ ଥର ପାଇଁ ନୂଆ ହେବ। ପ୍ରାକ୍‌-ସ୍ୱାଧୀନତା କାଳରେ କଟକରେ ବିଧାନସଭା ବସୁଥିଲା। ପରେ ଭୁବ
ଭୁବନେଶ୍ୱର,୧୩।୧: ପୃଥକ ଓଡ଼ିଶା ପ୍ରଦେଶ ଗଠନ ପରେ ବିଧାନସଭା ଭବନ ଚତୁର୍ଥ ଥର ପାଇଁ ନୂଆ ହେବ। ପ୍ରାକ୍‌-ସ୍ୱାଧୀନତା କାଳରେ କଟକରେ ବିଧାନସଭା ବସୁଥିଲା। ପରେ ଭୁବନେଶ୍ୱରକୁ ସ୍ଥାନାନ୍ତରିତ ହୋଇଥିଲା। ଭୁବନେଶ୍ୱର,୧୩।୧: ପୃଥକ ଓଡ଼ିଶା ପ୍ରଦେଶ ଗଠନ ପରେ ବିଧାନସଭା ଭବନ ଚତୁର୍ଥ ଥର ପାଇଁ ନୂଆ ହେବ। ପ୍ରାକ୍‌-ସ୍ୱାଧୀନତା କାଳରେ କଟକରେ ବିଧାନସଭା ବସୁଥିଲା। ପରେ ଭୁବନେଶ୍ୱରକୁ ସ୍ଥାନାନ୍ତରିତ ହୋଇଥିଲା। ଭୁବନେଶ୍ୱର,୧୩।୧: ପୃଥକ ଓଡ଼ିଶା ପ୍ରଦେଶ ଗଠନ ପରେ ବିଧାନସଭା ଭବନ ଚତୁର୍ଥ ଥର ପାଇଁ ନୂଆ ହେବ। ପ୍ରାକ୍‌-ସ୍ୱାଧୀନତା କାଳରେ କଟକରେ ବିଧାନସଭା ବସୁଥିଲା। ପରେ ଭୁବ
ଆଇନ ଶୃଙ୍ଖଳା ଛାଡ଼ି ଗାଡ଼ି ପଛରେ ପୁଲିସ
ଭୁବନେଶ୍ୱର,୧୩।୧(ସଂଚାର ବ୍ୟୁରୋ): ଆଇନ ଶୃଙ୍ଖଳା ରକ୍ଷା ଛାଡ଼ି ପୁଲିସ ଏବେ ସଡ଼କ ସୁରକ୍ଷା ନାଁରେ ଗାଡ଼ିଚାଳକଙ୍କ ପଛରେ ପଡ଼ିଛି। ଦିନକରେ ୪ ଲକ୍ଷ ୨୦ ହଜାର ଟଙ୍କା ଜୋରିମାନା। ଭୁବନେଶ୍ୱର,୧୩।୧(ସଂଚାର ବ୍ୟୁରୋ): ଆଇନ ଶୃଙ୍ଖଳା ରକ୍ଷା ଛାଡ଼ି ପୁଲିସ ଏବେ ସଡ଼କ ସୁରକ୍ଷା ନାଁରେ ଗାଡ଼ିଚାଳକଙ୍କ ପଛରେ ପଡ଼ିଛି। ଦିନକରେ ୪ ଲକ୍ଷ ୨୦ ହଜାର ଟଙ୍କା ଜୋରିମାନା। ଭୁବନେଶ୍ୱର,୧୩।୧(ସଂଚାର ବ୍ୟୁରୋ): ଆଇନ ଶୃଙ୍ଖଳା ରକ୍ଷା ଛାଡ଼ି ପୁଲିସ ଏବେ ସଡ଼କ ସୁରକ୍ଷା ନାଁରେ ଗାଡ଼ିଚାଳକଙ୍କ ପଛରେ ପଡ଼ିଛି। ଦିନକରେ ୪ ଲକ୍ଷ ୨୦ ହଜାର ଟଙ୍କା ଜୋରିମାନା। ଭୁବନେଶ୍ୱର,୧୩।୧(ସଂଚାର ବ୍ୟୁରୋ): ଆଇନ ଶୃଙ୍ଖଳା ରକ୍ଷା ଛାଡ଼ି ପୁଲିସ ଏବେ ସଡ଼କ ସୁରକ୍ଷା ନାଁରେ ଗାଡ଼ିଚାଳକଙ୍କ ପଛରେ ପଡ଼ିଛି। ଦିନକରେ ୪ ଲକ୍ଷ ୨୦ ହଜାର ଟଙ୍କା ଜୋରିମାନା। ଭୁବନେଶ୍ୱର,୧୩।୧(ସଂଚାର ବ୍ୟୁରୋ): ଆଇନ ଶୃଙ୍ଖଳା ରକ୍ଷା ଛାଡ଼ି ପୁଲିସ ଏବେ ସଡ଼କ ସୁରକ୍ଷା ନାଁରେ ଗାଡ଼ିଚାଳକଙ୍କ ପଛରେ ପଡ଼ିଛି। ଦିନକରେ ୪ ଲକ୍ଷ ୨୦ ହଜାର ଟଙ୍କା ଜୋରିମାନା। ଭୁବନେଶ୍ୱର,୧୩।୧(ସଂଚାର ବ୍ୟୁରୋ): ଆଇନ ଶୃଙ୍ଖଳା ରକ୍ଷା ଛାଡ଼ି ପୁଲିସ ଏବେ ସଡ଼କ ସୁରକ୍ଷା ନାଁରେ ଗାଡ଼ିଚାଳକଙ୍କ ପଛରେ ପଡ଼ିଛି। ଦିନକରେ ୪ ଲକ୍ଷ ୨୦ ହଜାର ଟଙ୍କା ଜୋରିମାନା। ଭୁବନେଶ୍ୱର,୧୩।୧(ସଂଚାର ବ୍ୟୁରୋ): ଆଇନ ଶୃଙ୍ଖଳା ରକ୍ଷା ଛାଡ଼ି ପୁଲିସ ଏବେ ସଡ଼କ ସୁରକ୍ଷା ନାଁରେ ଗାଡ଼ିଚାଳକଙ୍କ ପଛରେ ପଡ଼ିଛି। ଦିନକରେ ୪ ଲକ୍ଷ ୨୦ ହଜାର ଟଙ୍କା ଜୋରିମାନା। ଭୁବନେଶ୍ୱର,୧୩।୧(ସଂଚାର ବ୍ୟୁରୋ): ଆଇନ ଶୃଙ୍ଖଳା ରକ୍ଷା ଛାଡ଼ି ପୁଲିସ ଏବେ ସଡ଼କ ସୁରକ୍ଷା ନାଁରେ ଗାଡ଼ିଚାଳକଙ୍କ ପଛରେ ପଡ଼ିଛି। ଦିନକରେ ୪ ଲକ୍ଷ ୨୦ ହଜାର ଟଙ୍କା ଜୋରିମାନା। ଭୁବନେଶ୍ୱର,୧୩।୧(ସଂଚାର ବ୍ୟୁରୋ): ଆଇନ ଶୃଙ୍ଖଳା ରକ୍ଷା ଛାଡ଼ି ପୁଲିସ ଏବେ ସଡ଼କ ସୁରକ୍ଷା ନାଁରେ ଗାଡ଼ିଚାଳକଙ୍କ ପଛରେ ପଡ଼ିଛି। ଦିନକରେ ୪ ଲକ୍ଷ ୨୦ ହଜାର ଟଙ୍କା ଜୋରିମାନା। ଭୁବନେଶ୍ୱର,୧୩।୧(ସଂଚାର ବ୍ୟୁରୋ): ଆଇନ ଶୃଙ୍ଖଳା ରକ୍ଷା ଛାଡ଼ି ପୁଲିସ ଏବେ ସଡ଼କ ସୁରକ୍ଷା
